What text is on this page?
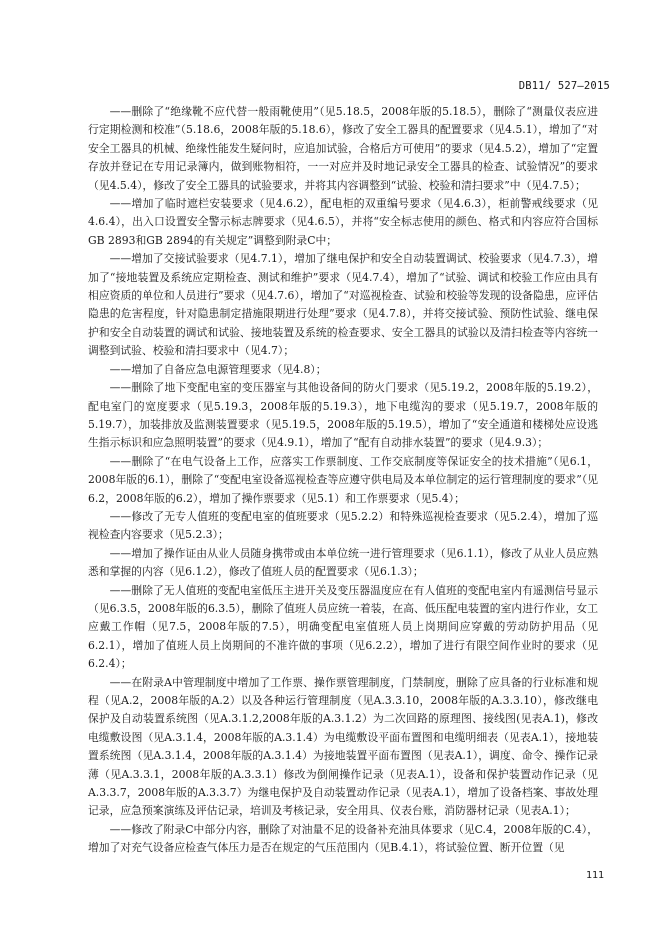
DB11/ 527—2015

——删除了“绝缘靴不应代替一般雨靴使用”（见5.18.5，2008年版的5.18.5），删除了“测量仪表应进行定期检测和校准”（5.18.6，2008年版的5.18.6），修改了安全工器具的配置要求（见4.5.1），增加了“对安全工器具的机械、绝缘性能发生疑问时，应追加试验，合格后方可使用”的要求（见4.5.2），增加了“定置存放并登记在专用记录簿内，做到账物相符，一一对应并及时地记录安全工器具的检查、试验情况”的要求（见4.5.4），修改了安全工器具的试验要求，并将其内容调整到“试验、校验和清扫要求”中（见4.7.5）；

——增加了临时遮栏安装要求（见4.6.2），配电柜的双重编号要求（见4.6.3），柜前警戒线要求（见4.6.4），出入口设置安全警示标志牌要求（见4.6.5），并将“安全标志使用的颜色、格式和内容应符合国标GB 2893和GB 2894的有关规定”调整到附录C中；

——增加了交接试验要求（见4.7.1），增加了继电保护和安全自动装置调试、校验要求（见4.7.3），增加了“接地装置及系统应定期检查、测试和维护”要求（见4.7.4），增加了“试验、调试和校验工作应由具有相应资质的单位和人员进行”要求（见4.7.6），增加了“对巡视检查、试验和校验等发现的设备隐患，应评估隐患的危害程度，针对隐患制定措施限期进行处理”要求（见4.7.8），并将交接试验、预防性试验、继电保护和安全自动装置的调试和试验、接地装置及系统的检查要求、安全工器具的试验以及清扫检查等内容统一调整到试验、校验和清扫要求中（见4.7）；

——增加了自备应急电源管理要求（见4.8）；

——删除了地下变配电室的变压器室与其他设备间的防火门要求（见5.19.2，2008年版的5.19.2），配电室门的宽度要求（见5.19.3，2008年版的5.19.3），地下电缆沟的要求（见5.19.7，2008年版的5.19.7），加装排放及监测装置要求（见5.19.5，2008年版的5.19.5），增加了“安全通道和楼梯处应设逃生指示标识和应急照明装置”的要求（见4.9.1），增加了“配有自动排水装置”的要求（见4.9.3）；

——删除了“在电气设备上工作，应落实工作票制度、工作交底制度等保证安全的技术措施”（见6.1，2008年版的6.1），删除了“变配电室设备巡视检查等应遵守供电局及本单位制定的运行管理制度的要求”（见6.2，2008年版的6.2），增加了操作票要求（见5.1）和工作票要求（见5.4）；

——修改了无专人值班的变配电室的值班要求（见5.2.2）和特殊巡视检查要求（见5.2.4），增加了巡视检查内容要求（见5.2.3）；

——增加了操作证由从业人员随身携带或由本单位统一进行管理要求（见6.1.1），修改了从业人员应熟悉和掌握的内容（见6.1.2），修改了值班人员的配置要求（见6.1.3）；

——删除了无人值班的变配电室低压主进开关及变压器温度应在有人值班的变配电室内有遥测信号显示（见6.3.5，2008年版的6.3.5），删除了值班人员应统一着装，在高、低压配电装置的室内进行作业，女工应戴工作帽（见7.5，2008年版的7.5），明确变配电室值班人员上岗期间应穿戴的劳动防护用品（见6.2.1），增加了值班人员上岗期间的不准许做的事项（见6.2.2），增加了进行有限空间作业时的要求（见6.2.4）；

——在附录A中管理制度中增加了工作票、操作票管理制度，门禁制度，删除了应具备的行业标准和规程（见A.2，2008年版的A.2）以及各种运行管理制度（见A.3.3.10，2008年版的A.3.3.10），修改继电保护及自动装置系统图（见A.3.1.2,2008年版的A.3.1.2）为二次回路的原理图、接线图(见表A.1)，修改电缆敷设图（见A.3.1.4，2008年版的A.3.1.4）为电缆敷设平面布置图和电缆明细表（见表A.1），接地装置系统图（见A.3.1.4，2008年版的A.3.1.4）为接地装置平面布置图（见表A.1），调度、命令、操作记录薄（见A.3.3.1，2008年版的A.3.3.1）修改为倒闸操作记录（见表A.1），设备和保护装置动作记录（见A.3.3.7，2008年版的A.3.3.7）为继电保护及自动装置动作记录（见表A.1），增加了设备档案、事故处理记录，应急预案演练及评估记录，培训及考核记录，安全用具、仪表台账，消防器材记录（见表A.1）；

——修改了附录C中部分内容，删除了对油量不足的设备补充油具体要求（见C.4，2008年版的C.4），增加了对充气设备应检查气体压力是否在规定的气压范围内（见B.4.1），将试验位置、断开位置（见

111
